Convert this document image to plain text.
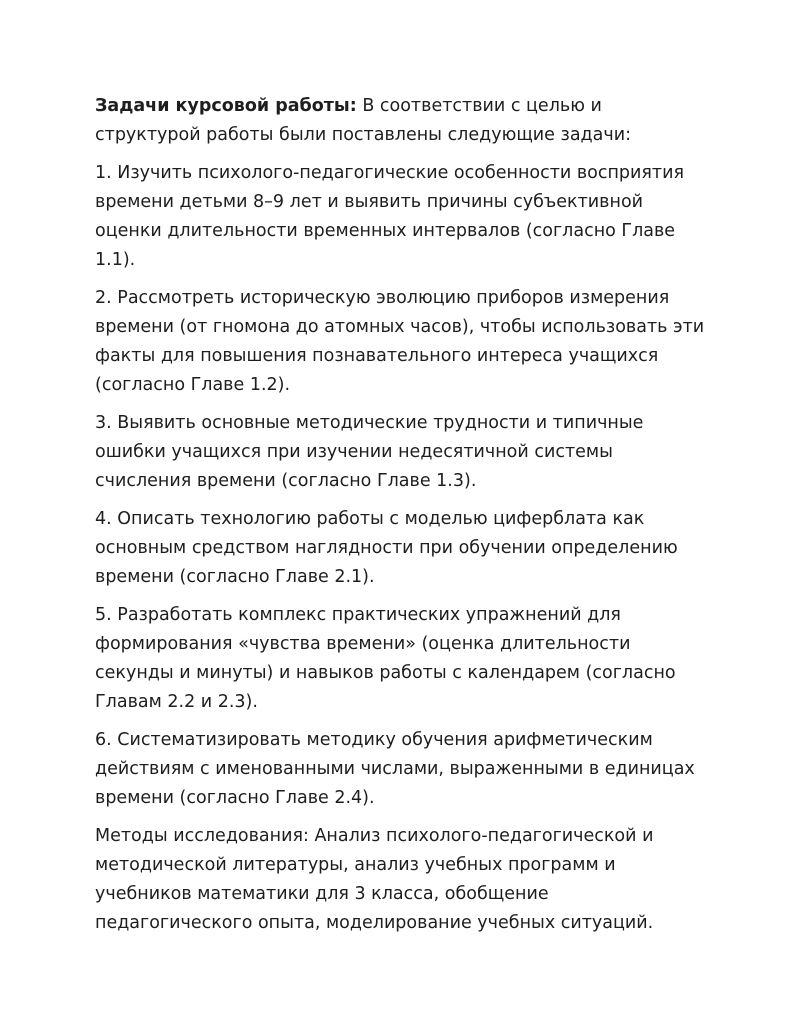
Задачи курсовой работы: В соответствии с целью и структурой работы были поставлены следующие задачи:

1. Изучить психолого-педагогические особенности восприятия времени детьми 8–9 лет и выявить причины субъективной оценки длительности временных интервалов (согласно Главе 1.1).

2. Рассмотреть историческую эволюцию приборов измерения времени (от гномона до атомных часов), чтобы использовать эти факты для повышения познавательного интереса учащихся (согласно Главе 1.2).

3. Выявить основные методические трудности и типичные ошибки учащихся при изучении недесятичной системы счисления времени (согласно Главе 1.3).

4. Описать технологию работы с моделью циферблата как основным средством наглядности при обучении определению времени (согласно Главе 2.1).

5. Разработать комплекс практических упражнений для формирования «чувства времени» (оценка длительности секунды и минуты) и навыков работы с календарем (согласно Главам 2.2 и 2.3).

6. Систематизировать методику обучения арифметическим действиям с именованными числами, выраженными в единицах времени (согласно Главе 2.4).

Методы исследования: Анализ психолого-педагогической и методической литературы, анализ учебных программ и учебников математики для 3 класса, обобщение педагогического опыта, моделирование учебных ситуаций.
